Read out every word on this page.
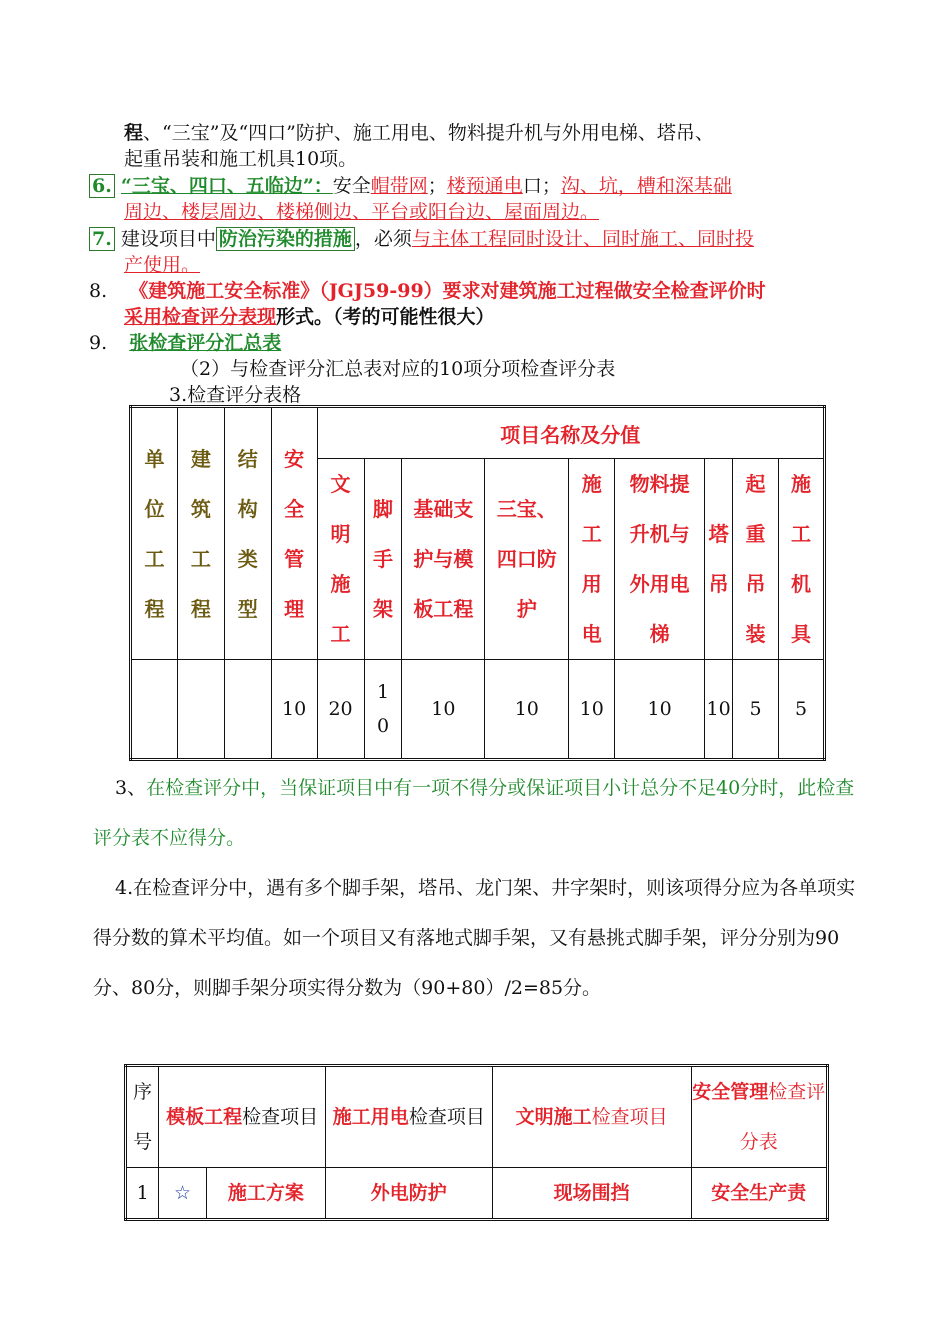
程、“三宝”及“四口”防护、施工用电、物料提升机与外用电梯、塔吊、
起重吊装和施工机具10项。
6. “三宝、四口、五临边”：安全帽带网；楼预通电口；沟、坑，槽和深基础
周边、楼层周边、楼梯侧边、平台或阳台边、屋面周边。
7. 建设项目中 防治污染的措施 ，必须与主体工程同时设计、同时施工、同时投
产使用。
8. 《建筑施工安全标准》（JGJ59-99）要求对建筑施工过程做安全检查评价时
采用检查评分表现形式。（考的可能性很大）
9. 张检查评分汇总表
（2）与检查评分汇总表对应的10项分项检查评分表
3.检查评分表格
单位工程	建筑工程	结构类型	安全管理	项目名称及分值								

				文明施工	脚手架	基础支护与模板工程	三宝、四口防护	施工用电	物料提升机与外用电梯	塔吊	起重吊装	施工机具

			10	20	10	10	10	10	10	10	5	5
3、在检查评分中，当保证项目中有一项不得分或保证项目小计总分不足40分时，此检查评分表不应得分。
4.在检查评分中，遇有多个脚手架，塔吊、龙门架、井字架时，则该项得分应为各单项实得分数的算术平均值。如一个项目又有落地式脚手架，又有悬挑式脚手架，评分分别为90分、80分，则脚手架分项实得分数为（90+80）/2=85分。
序号	模板工程检查项目		施工用电检查项目	文明施工检查项目	安全管理检查评分表
1	☆	施工方案	外电防护	现场围挡	安全生产责
